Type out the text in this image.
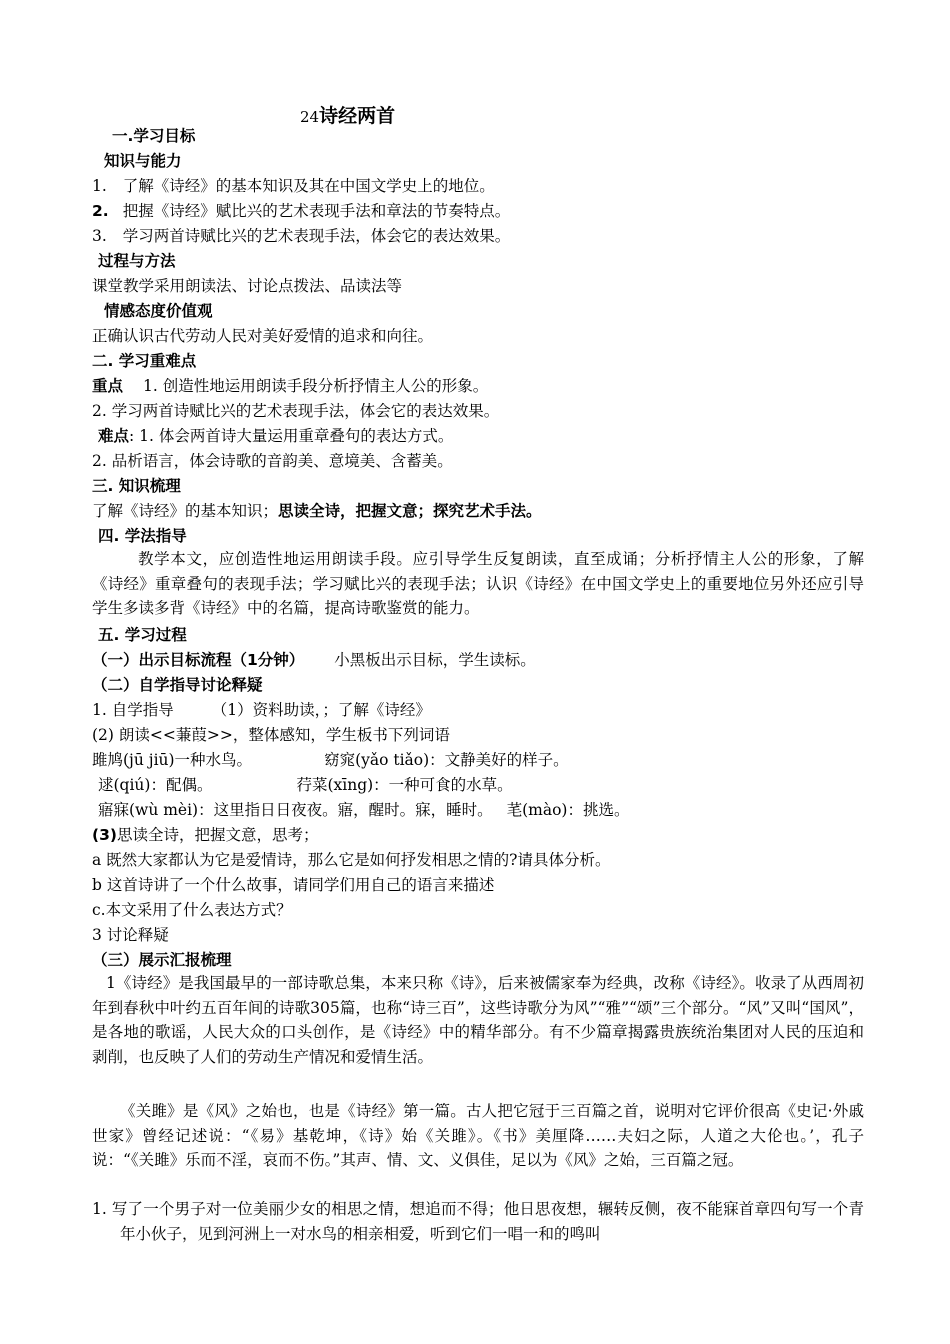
24诗经两首
一.学习目标
知识与能力
1. 了解《诗经》的基本知识及其在中国文学史上的地位。
2. 把握《诗经》赋比兴的艺术表现手法和章法的节奏特点。
3. 学习两首诗赋比兴的艺术表现手法，体会它的表达效果。
过程与方法
课堂教学采用朗读法、讨论点拨法、品读法等
情感态度价值观
正确认识古代劳动人民对美好爱情的追求和向往。
二. 学习重难点
重点 1. 创造性地运用朗读手段分析抒情主人公的形象。
2. 学习两首诗赋比兴的艺术表现手法，体会它的表达效果。
难点: 1. 体会两首诗大量运用重章叠句的表达方式。
2. 品析语言，体会诗歌的音韵美、意境美、含蓄美。
三. 知识梳理
了解《诗经》的基本知识；思读全诗，把握文意；探究艺术手法。
四. 学法指导
教学本文，应创造性地运用朗读手段。应引导学生反复朗读，直至成诵；分析抒情主人公的形象，了解《诗经》重章叠句的表现手法；学习赋比兴的表现手法；认识《诗经》在中国文学史上的重要地位另外还应引导学生多读多背《诗经》中的名篇，提高诗歌鉴赏的能力。
五. 学习过程
（一）出示目标流程（1分钟） 小黑板出示目标，学生读标。
（二）自学指导讨论释疑
1. 自学指导 （1）资料助读，；了解《诗经》
(2) 朗读<<蒹葭>>，整体感知，学生板书下列词语
雎鸠(jū jiū)一种水鸟。	窈窕(yǎo tiǎo)：文静美好的样子。
逑(qiú)：配偶。	荇菜(xīng)：一种可食的水草。
寤寐(wù mèi)：这里指日日夜夜。寤，醒时。寐，睡时。 芼(mào)：挑选。
(3)思读全诗，把握文意，思考；
a 既然大家都认为它是爱情诗，那么它是如何抒发相思之情的?请具体分析。
b 这首诗讲了一个什么故事，请同学们用自己的语言来描述
c.本文采用了什么表达方式？
3 讨论释疑
（三）展示汇报梳理
1《诗经》是我国最早的一部诗歌总集，本来只称《诗》，后来被儒家奉为经典，改称《诗经》。收录了从西周初年到春秋中叶约五百年间的诗歌305篇，也称“诗三百”，这些诗歌分为风”“雅”“颂”三个部分。“风”又叫“国风”，是各地的歌谣，人民大众的口头创作，是《诗经》中的精华部分。有不少篇章揭露贵族统治集团对人民的压迫和剥削，也反映了人们的劳动生产情况和爱情生活。
《关雎》是《风》之始也，也是《诗经》第一篇。古人把它冠于三百篇之首，说明对它评价很高《史记·外戚世家》曾经记述说：“《易》基乾坤，《诗》始《关雎》。《书》美厘降……夫妇之际，人道之大伦也。’，孔子说：“《关雎》乐而不淫，哀而不伤。”其声、情、文、义俱佳，足以为《风》之始，三百篇之冠。
1. 写了一个男子对一位美丽少女的相思之情，想追而不得；他日思夜想，辗转反侧，夜不能寐首章四句写一个青年小伙子，见到河洲上一对水鸟的相亲相爱，听到它们一唱一和的鸣叫
